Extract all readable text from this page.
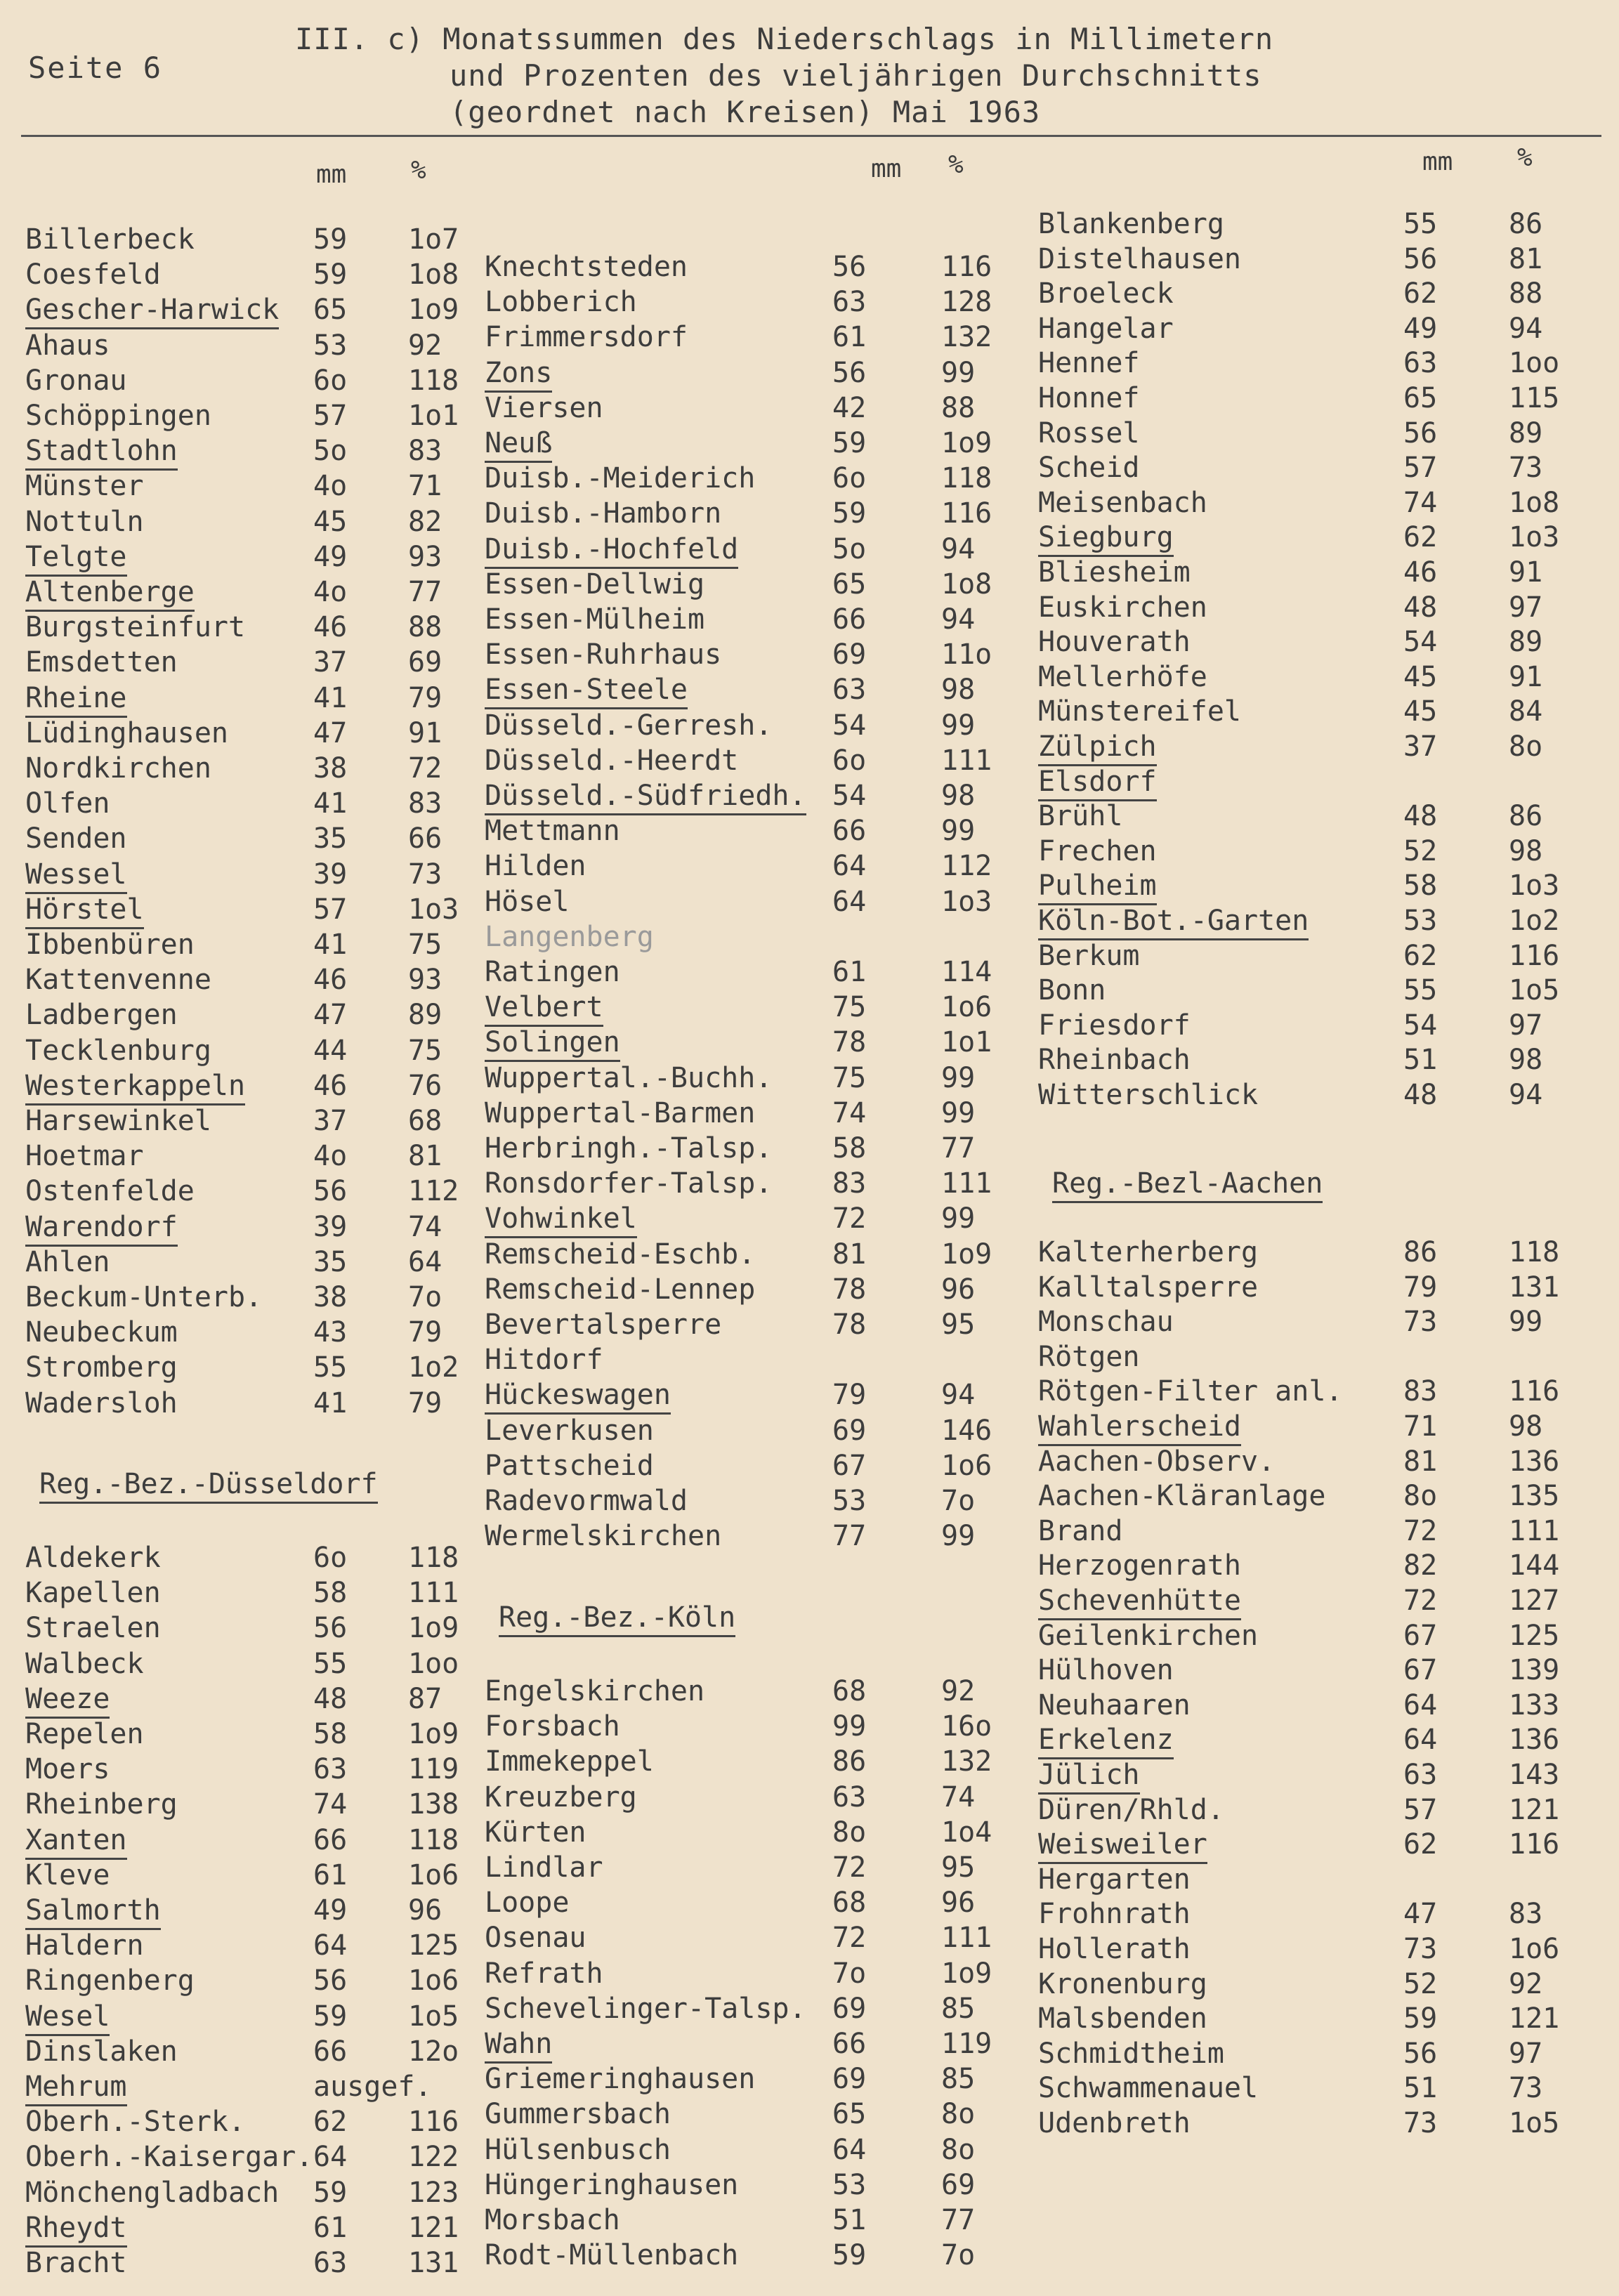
Seite 6
III. c) Monatssummen des Niederschlags in Millimetern
und Prozenten des vieljährigen Durchschnitts
(geordnet nach Kreisen) Mai 1963
mm	%	mm %	mm	%
Billerbeck	59 1o7
Coesfeld	59 1o8
Gescher-Harwick 65 1o9
Ahaus	53 92
Gronau	6o 118
Schöppingen	57 1o1
Stadtlohn	5o 83
Münster	4o 71
Nottuln	45 82
Telgte	49 93
Altenberge	4o 77
Burgsteinfurt 46 88
Emsdetten	37 69
Rheine	41 79
Lüdinghausen	47 91
Nordkirchen	38 72
Olfen	41 83
Senden	35 66
Wessel	39 73
Hörstel	57 1o3
Ibbenbüren	41 75
Kattenvenne	46 93
Ladbergen	47 89
Tecklenburg	44 75
Westerkappeln 46 76
Harsewinkel	37 68
Hoetmar	4o 81
Ostenfelde	56 112
Warendorf	39 74
Ahlen	35 64
Beckum-Unterb. 38 7o
Neubeckum	43 79
Stromberg	55 1o2
Wadersloh	41 79
Reg.-Bez.-Düsseldorf
Aldekerk	6o 118
Kapellen	58 111
Straelen	56 1o9
Walbeck	55 1oo
Weeze	48 87
Repelen	58 1o9
Moers	63 119
Rheinberg	74 138
Xanten	66 118
Kleve	61 1o6
Salmorth	49 96
Haldern	64 125
Ringenberg	56 1o6
Wesel	59 1o5
Dinslaken	66 12o
Mehrum	ausgef.
Oberh.-Sterk. 62 116
Oberh.-Kaisergar. 64 122
Mönchengladbach 59 123
Rheydt	61 121
Bracht	63 131
Knechtsteden	56	116
Lobberich	63	128
Frimmersdorf	61	132
Zons	56	99
Viersen	42	88
Neuß	59	1o9
Duisb.-Meiderich	6o	118
Duisb.-Hamborn	59	116
Duisb.-Hochfeld	5o	94
Essen-Dellwig	65	1o8
Essen-Mülheim	66	94
Essen-Ruhrhaus	69	11o
Essen-Steele	63	98
Düsseld.-Gerresh. 54	99
Düsseld.-Heerdt	6o	111
Düsseld.-Südfriedh. 54	98
Mettmann	66	99
Hilden	64	112
Hösel	64	1o3
Langenberg
Ratingen	61	114
Velbert	75	1o6
Solingen	78	1o1
Wuppertal.-Buchh. 75	99
Wuppertal-Barmen	74	99
Herbringh.-Talsp. 58	77
Ronsdorfer-Talsp. 83	111
Vohwinkel	72	99
Remscheid-Eschb.	81	1o9
Remscheid-Lennep	78	96
Bevertalsperre	78	95
Hitdorf
Hückeswagen	79	94
Leverkusen	69	146
Pattscheid	67	1o6
Radevormwald	53	7o
Wermelskirchen	77	99
Reg.-Bez.-Köln
Engelskirchen	68	92
Forsbach	99	16o
Immekeppel	86	132
Kreuzberg	63	74
Kürten	8o	1o4
Lindlar	72	95
Loope	68	96
Osenau	72	111
Refrath	7o	1o9
Schevelinger-Talsp. 69	85
Wahn	66	119
Griemeringhausen	69	85
Gummersbach	65	8o
Hülsenbusch	64	8o
Hüngeringhausen	53	69
Morsbach	51	77
Rodt-Müllenbach	59	7o
Blankenberg	55	86
Distelhausen	56	81
Broeleck	62	88
Hangelar	49	94
Hennef	63	1oo
Honnef	65	115
Rossel	56	89
Scheid	57	73
Meisenbach	74	1o8
Siegburg	62	1o3
Bliesheim	46	91
Euskirchen	48	97
Houverath	54	89
Mellerhöfe	45	91
Münstereifel	45	84
Zülpich	37	8o
Elsdorf
Brühl	48	86
Frechen	52	98
Pulheim	58	1o3
Köln-Bot.-Garten	53	1o2
Berkum	62	116
Bonn	55	1o5
Friesdorf	54	97
Rheinbach	51	98
Witterschlick	48	94
Reg.-Bezl-Aachen
Kalterherberg	86	118
Kalltalsperre	79	131
Monschau	73	99
Rötgen
Rötgen-Filter anl. 83	116
Wahlerscheid	71	98
Aachen-Observ.	81	136
Aachen-Kläranlage	8o	135
Brand	72	111
Herzogenrath	82	144
Schevenhütte	72	127
Geilenkirchen	67	125
Hülhoven	67	139
Neuhaaren	64	133
Erkelenz	64	136
Jülich	63	143
Düren/Rhld.	57	121
Weisweiler	62	116
Hergarten
Frohnrath	47	83
Hollerath	73	1o6
Kronenburg	52	92
Malsbenden	59	121
Schmidtheim	56	97
Schwammenauel	51	73
Udenbreth	73	1o5
